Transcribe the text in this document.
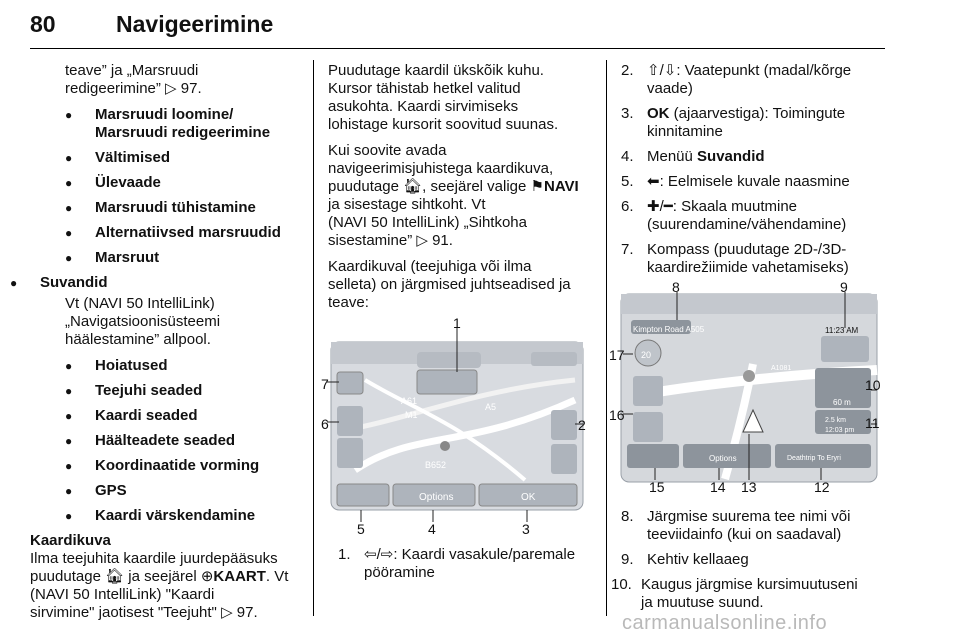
80	Navigeerimine

teave” ja „Marsruudi
redigeerimine” ▷ 97.

● Marsruudi loomine/
Marsruudi redigeerimine
● Vältimised
● Ülevaade
● Marsruudi tühistamine
● Alternatiivsed marsruudid
● Marsruut
● Suvandid

Vt (NAVI 50 IntelliLink)
„Navigatsioonisüsteemi
häälestamine” allpool.

● Hoiatused
● Teejuhi seaded
● Kaardi seaded
● Häälteadete seaded
● Koordinaatide vorming
● GPS
● Kaardi värskendamine

Kaardikuva

Ilma teejuhita kaardile juurdepääsuks
puudutage 🏠︎ ja seejärel ⊕KAART. Vt
(NAVI 50 IntelliLink) "Kaardi
sirvimine" jaotisest "Teejuht" ▷ 97.

Puudutage kaardil ükskõik kuhu.
Kursor tähistab hetkel valitud
asukohta. Kaardi sirvimiseks
lohistage kursorit soovitud suunas.

Kui soovite avada
navigeerimisjuhistega kaardikuva,
puudutage 🏠︎, seejärel valige ⚑NAVI
ja sisestage sihtkoht. Vt
(NAVI 50 IntelliLink) „Sihtkoha
sisestamine” ▷ 91.

Kaardikuval (teejuhiga või ilma
selleta) on järgmised juhtseadised ja
teave:

1
2
3
4
5
6
7
Options	OK
A61
M1
A5
B652
1. ⇦/⇨: Kaardi vasakule/paremale
pööramine
2. ⇧/⇩: Vaatepunkt (madal/kõrge
vaade)
3. OK (ajaarvestiga): Toimingute
kinnitamine
4. Menüü Suvandid
5. ⬅: Eelmisele kuvale naasmine
6. ✚/━: Skaala muutmine
(suurendamine/vähendamine)
7. Kompass (puudutage 2D-/3D-
kaardirežiimide vahetamiseks)
8	9
17
10
16	11
15	14 13	12
Kimpton Road A505	11:23 AM
20
60 m
2.5 km
12:03 pm
Options	Deathtrip To Eryri
A1081
8. Järgmise suurema tee nimi või
teeviidainfo (kui on saadaval)
9. Kehtiv kellaaeg
10. Kaugus järgmise kursimuutuseni
ja muutuse suund.
carmanualsonline.info
